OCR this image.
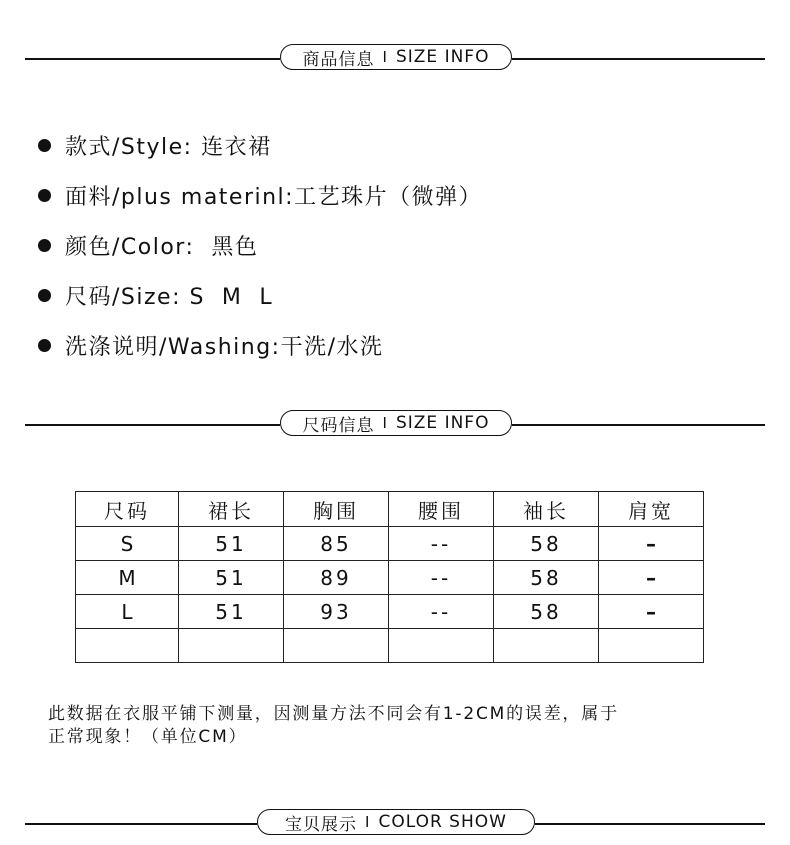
商品信息 I SIZE INFO
款式/Style: 连衣裙
面料/plus materinl:工艺珠片（微弹）
颜色/Color:  黑色
尺码/Size: S  M  L
洗涤说明/Washing:干洗/水洗
尺码信息 I SIZE INFO
尺码	裙长	胸围	腰围	袖长	肩宽
S	51	85	--	58	–
M	51	89	--	58	–
L	51	93	--	58	–

此数据在衣服平铺下测量，因测量方法不同会有1-2CM的误差，属于
正常现象！（单位CM）

宝贝展示 I COLOR SHOW
